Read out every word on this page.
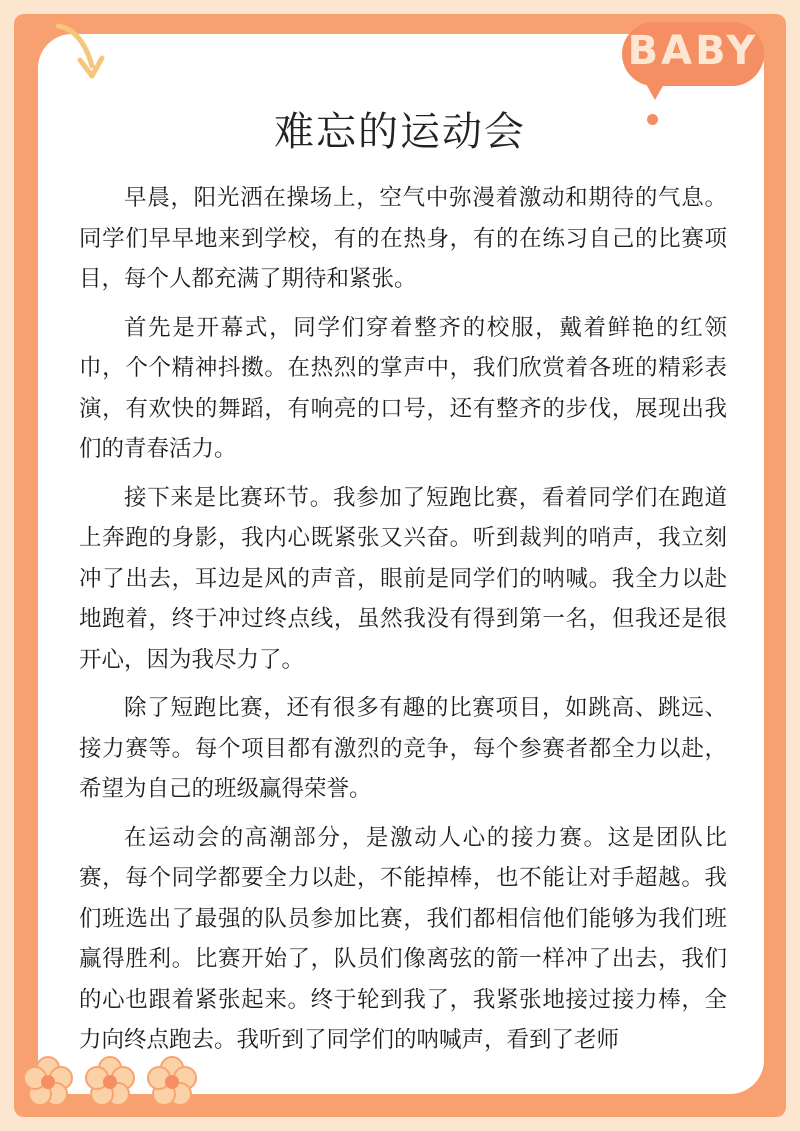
BABY
难忘的运动会

早晨，阳光洒在操场上，空气中弥漫着激动和期待的气息。同学们早早地来到学校，有的在热身，有的在练习自己的比赛项目，每个人都充满了期待和紧张。

首先是开幕式，同学们穿着整齐的校服，戴着鲜艳的红领巾，个个精神抖擞。在热烈的掌声中，我们欣赏着各班的精彩表演，有欢快的舞蹈，有响亮的口号，还有整齐的步伐，展现出我们的青春活力。

接下来是比赛环节。我参加了短跑比赛，看着同学们在跑道上奔跑的身影，我内心既紧张又兴奋。听到裁判的哨声，我立刻冲了出去，耳边是风的声音，眼前是同学们的呐喊。我全力以赴地跑着，终于冲过终点线，虽然我没有得到第一名，但我还是很开心，因为我尽力了。

除了短跑比赛，还有很多有趣的比赛项目，如跳高、跳远、接力赛等。每个项目都有激烈的竞争，每个参赛者都全力以赴，希望为自己的班级赢得荣誉。

在运动会的高潮部分，是激动人心的接力赛。这是团队比赛，每个同学都要全力以赴，不能掉棒，也不能让对手超越。我们班选出了最强的队员参加比赛，我们都相信他们能够为我们班赢得胜利。比赛开始了，队员们像离弦的箭一样冲了出去，我们的心也跟着紧张起来。终于轮到我了，我紧张地接过接力棒，全力向终点跑去。我听到了同学们的呐喊声，看到了老师
